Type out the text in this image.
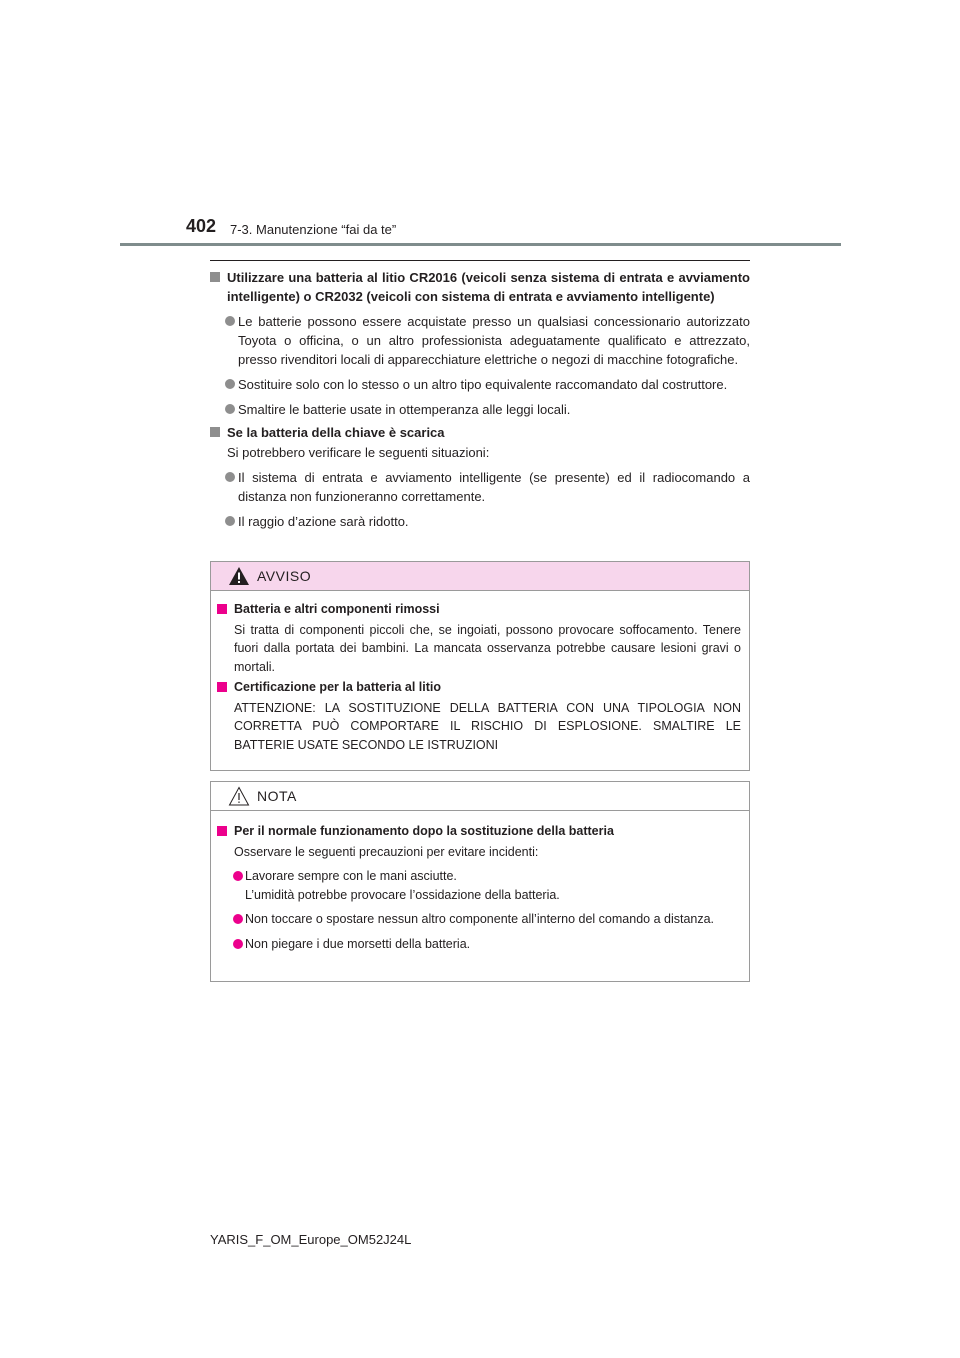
402 7-3. Manutenzione “fai da te”
Utilizzare una batteria al litio CR2016 (veicoli senza sistema di entrata e avviamento intelligente) o CR2032 (veicoli con sistema di entrata e avviamento intelligente)
Le batterie possono essere acquistate presso un qualsiasi concessionario autorizzato Toyota o officina, o un altro professionista adeguatamente qualificato e attrezzato, presso rivenditori locali di apparecchiature elettriche o negozi di macchine fotografiche.
Sostituire solo con lo stesso o un altro tipo equivalente raccomandato dal costruttore.
Smaltire le batterie usate in ottemperanza alle leggi locali.
Se la batteria della chiave è scarica
Si potrebbero verificare le seguenti situazioni:
Il sistema di entrata e avviamento intelligente (se presente) ed il radiocomando a distanza non funzioneranno correttamente.
Il raggio d’azione sarà ridotto.
AVVISO
Batteria e altri componenti rimossi
Si tratta di componenti piccoli che, se ingoiati, possono provocare soffocamento. Tenere fuori dalla portata dei bambini. La mancata osservanza potrebbe causare lesioni gravi o mortali.
Certificazione per la batteria al litio
ATTENZIONE: LA SOSTITUZIONE DELLA BATTERIA CON UNA TIPOLOGIA NON CORRETTA PUÒ COMPORTARE IL RISCHIO DI ESPLOSIONE. SMALTIRE LE BATTERIE USATE SECONDO LE ISTRUZIONI
NOTA
Per il normale funzionamento dopo la sostituzione della batteria
Osservare le seguenti precauzioni per evitare incidenti:
Lavorare sempre con le mani asciutte.
L’umidità potrebbe provocare l’ossidazione della batteria.
Non toccare o spostare nessun altro componente all’interno del comando a distanza.
Non piegare i due morsetti della batteria.
YARIS_F_OM_Europe_OM52J24L
